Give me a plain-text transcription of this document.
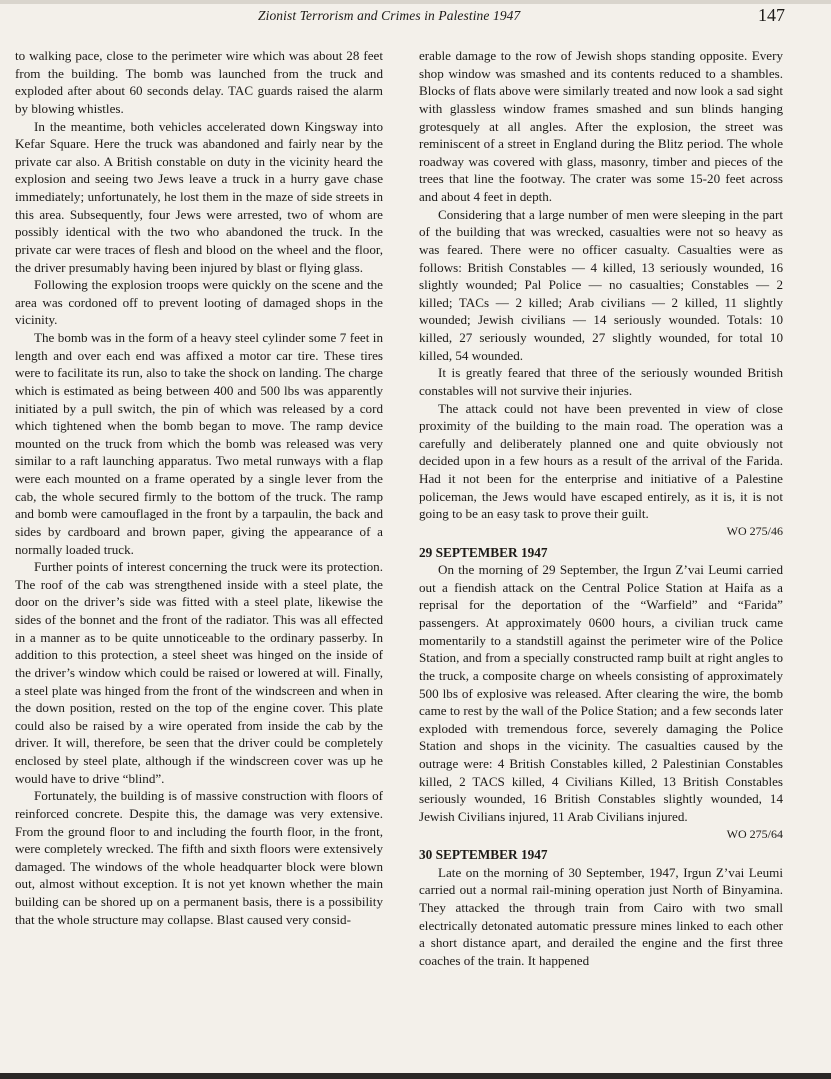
Zionist Terrorism and Crimes in Palestine 1947	147

to walking pace, close to the perimeter wire which was about 28 feet from the building. The bomb was launched from the truck and exploded after about 60 seconds delay. TAC guards raised the alarm by blowing whistles.

In the meantime, both vehicles accelerated down Kingsway into Kefar Square. Here the truck was abandoned and fairly near by the private car also. A British constable on duty in the vicinity heard the explosion and seeing two Jews leave a truck in a hurry gave chase immediately; unfortunately, he lost them in the maze of side streets in this area. Subsequently, four Jews were arrested, two of whom are possibly identical with the two who abandoned the truck. In the private car were traces of flesh and blood on the wheel and the floor, the driver presumably having been injured by blast or flying glass.

Following the explosion troops were quickly on the scene and the area was cordoned off to prevent looting of damaged shops in the vicinity.

The bomb was in the form of a heavy steel cylinder some 7 feet in length and over each end was affixed a motor car tire. These tires were to facilitate its run, also to take the shock on landing. The charge which is estimated as being between 400 and 500 lbs was apparently initiated by a pull switch, the pin of which was released by a cord which tightened when the bomb began to move. The ramp device mounted on the truck from which the bomb was released was very similar to a raft launching apparatus. Two metal runways with a flap were each mounted on a frame operated by a single lever from the cab, the whole secured firmly to the bottom of the truck. The ramp and bomb were camouflaged in the front by a tarpaulin, the back and sides by cardboard and brown paper, giving the appearance of a normally loaded truck.

Further points of interest concerning the truck were its protection. The roof of the cab was strengthened inside with a steel plate, the door on the driver’s side was fitted with a steel plate, likewise the sides of the bonnet and the front of the radiator. This was all effected in a manner as to be quite unnoticeable to the ordinary passerby. In addition to this protection, a steel sheet was hinged on the inside of the driver’s window which could be raised or lowered at will. Finally, a steel plate was hinged from the front of the windscreen and when in the down position, rested on the top of the engine cover. This plate could also be raised by a wire operated from inside the cab by the driver. It will, therefore, be seen that the driver could be completely enclosed by steel plate, although if the windscreen cover was up he would have to drive “blind”.

Fortunately, the building is of massive construction with floors of reinforced concrete. Despite this, the damage was very extensive. From the ground floor to and including the fourth floor, in the front, were completely wrecked. The fifth and sixth floors were extensively damaged. The windows of the whole headquarter block were blown out, almost without exception. It is not yet known whether the main building can be shored up on a permanent basis, there is a possibility that the whole structure may collapse. Blast caused very consid-

erable damage to the row of Jewish shops standing opposite. Every shop window was smashed and its contents reduced to a shambles. Blocks of flats above were similarly treated and now look a sad sight with glassless window frames smashed and sun blinds hanging grotesquely at all angles. After the explosion, the street was reminiscent of a street in England during the Blitz period. The whole roadway was covered with glass, masonry, timber and pieces of the trees that line the footway. The crater was some 15-20 feet across and about 4 feet in depth.

Considering that a large number of men were sleeping in the part of the building that was wrecked, casualties were not so heavy as was feared. There were no officer casualty. Casualties were as follows: British Constables — 4 killed, 13 seriously wounded, 16 slightly wounded; Pal Police — no casualties; Constables — 2 killed; TACs — 2 killed; Arab civilians — 2 killed, 11 slightly wounded; Jewish civilians — 14 seriously wounded. Totals: 10 killed, 27 seriously wounded, 27 slightly wounded, for total 10 killed, 54 wounded.

It is greatly feared that three of the seriously wounded British constables will not survive their injuries.

The attack could not have been prevented in view of close proximity of the building to the main road. The operation was a carefully and deliberately planned one and quite obviously not decided upon in a few hours as a result of the arrival of the Farida. Had it not been for the enterprise and initiative of a Palestine policeman, the Jews would have escaped entirely, as it is, it is not going to be an easy task to prove their guilt.

WO 275/46
29 SEPTEMBER 1947

On the morning of 29 September, the Irgun Z’vai Leumi carried out a fiendish attack on the Central Police Station at Haifa as a reprisal for the deportation of the “Warfield” and “Farida” passengers. At approximately 0600 hours, a civilian truck came momentarily to a standstill against the perimeter wire of the Police Station, and from a specially constructed ramp built at right angles to the truck, a composite charge on wheels consisting of approximately 500 lbs of explosive was released. After clearing the wire, the bomb came to rest by the wall of the Police Station; and a few seconds later exploded with tremendous force, severely damaging the Police Station and shops in the vicinity. The casualties caused by the outrage were: 4 British Constables killed, 2 Palestinian Constables killed, 2 TACS killed, 4 Civilians Killed, 13 British Constables seriously wounded, 16 British Constables slightly wounded, 14 Jewish Civilians injured, 11 Arab Civilians injured.

WO 275/64
30 SEPTEMBER 1947

Late on the morning of 30 September, 1947, Irgun Z’vai Leumi carried out a normal rail-mining operation just North of Binyamina. They attacked the through train from Cairo with two small electrically detonated automatic pressure mines linked to each other a short distance apart, and derailed the engine and the first three coaches of the train. It happened
